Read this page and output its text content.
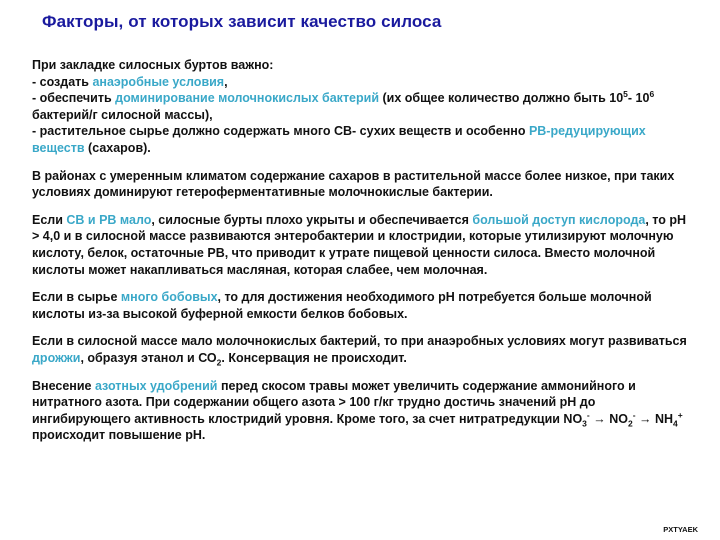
Факторы, от которых зависит качество силоса

При закладке силосных буртов важно:
- создать анаэробные условия,
- обеспечить доминирование молочнокислых бактерий (их общее количество должно быть $10^5-$ $10^6$ бактерий/г силосной массы),
- растительное сырье должно содержать много СВ- сухих веществ и особенно РВ-редуцирующих веществ (сахаров).

В районах с умеренным климатом содержание сахаров в растительной массе более низкое, при таких условиях доминируют гетероферментативные молочнокислые бактерии.

Если СВ и РВ мало, силосные бурты плохо укрыты и обеспечивается большой доступ кислорода, то рН > 4,0 и в силосной массе развиваются энтеробактерии и клостридии, которые утилизируют молочную кислоту, белок, остаточные РВ, что приводит к утрате пищевой ценности силоса. Вместо молочной кислоты может накапливаться масляная, которая слабее, чем молочная.

Если в сырье много бобовых, то для достижения необходимого рН потребуется больше молочной кислоты из-за высокой буферной емкости белков бобовых.

Если в силосной массе мало молочнокислых бактерий, то при анаэробных условиях могут развиваться дрожжи, образуя этанол и $СО_2$. Консервация не происходит.

Внесение азотных удобрений перед скосом травы может увеличить содержание аммонийного и нитратного азота. При содержании общего азота > 100 г/кг трудно достичь значений рН до ингибирующего активность клостридий уровня. Кроме того, за счет нитратредукции $NO_3^- \to NO_2^- \to NH_4^+$ происходит повышение рН.

PXTYAEK
